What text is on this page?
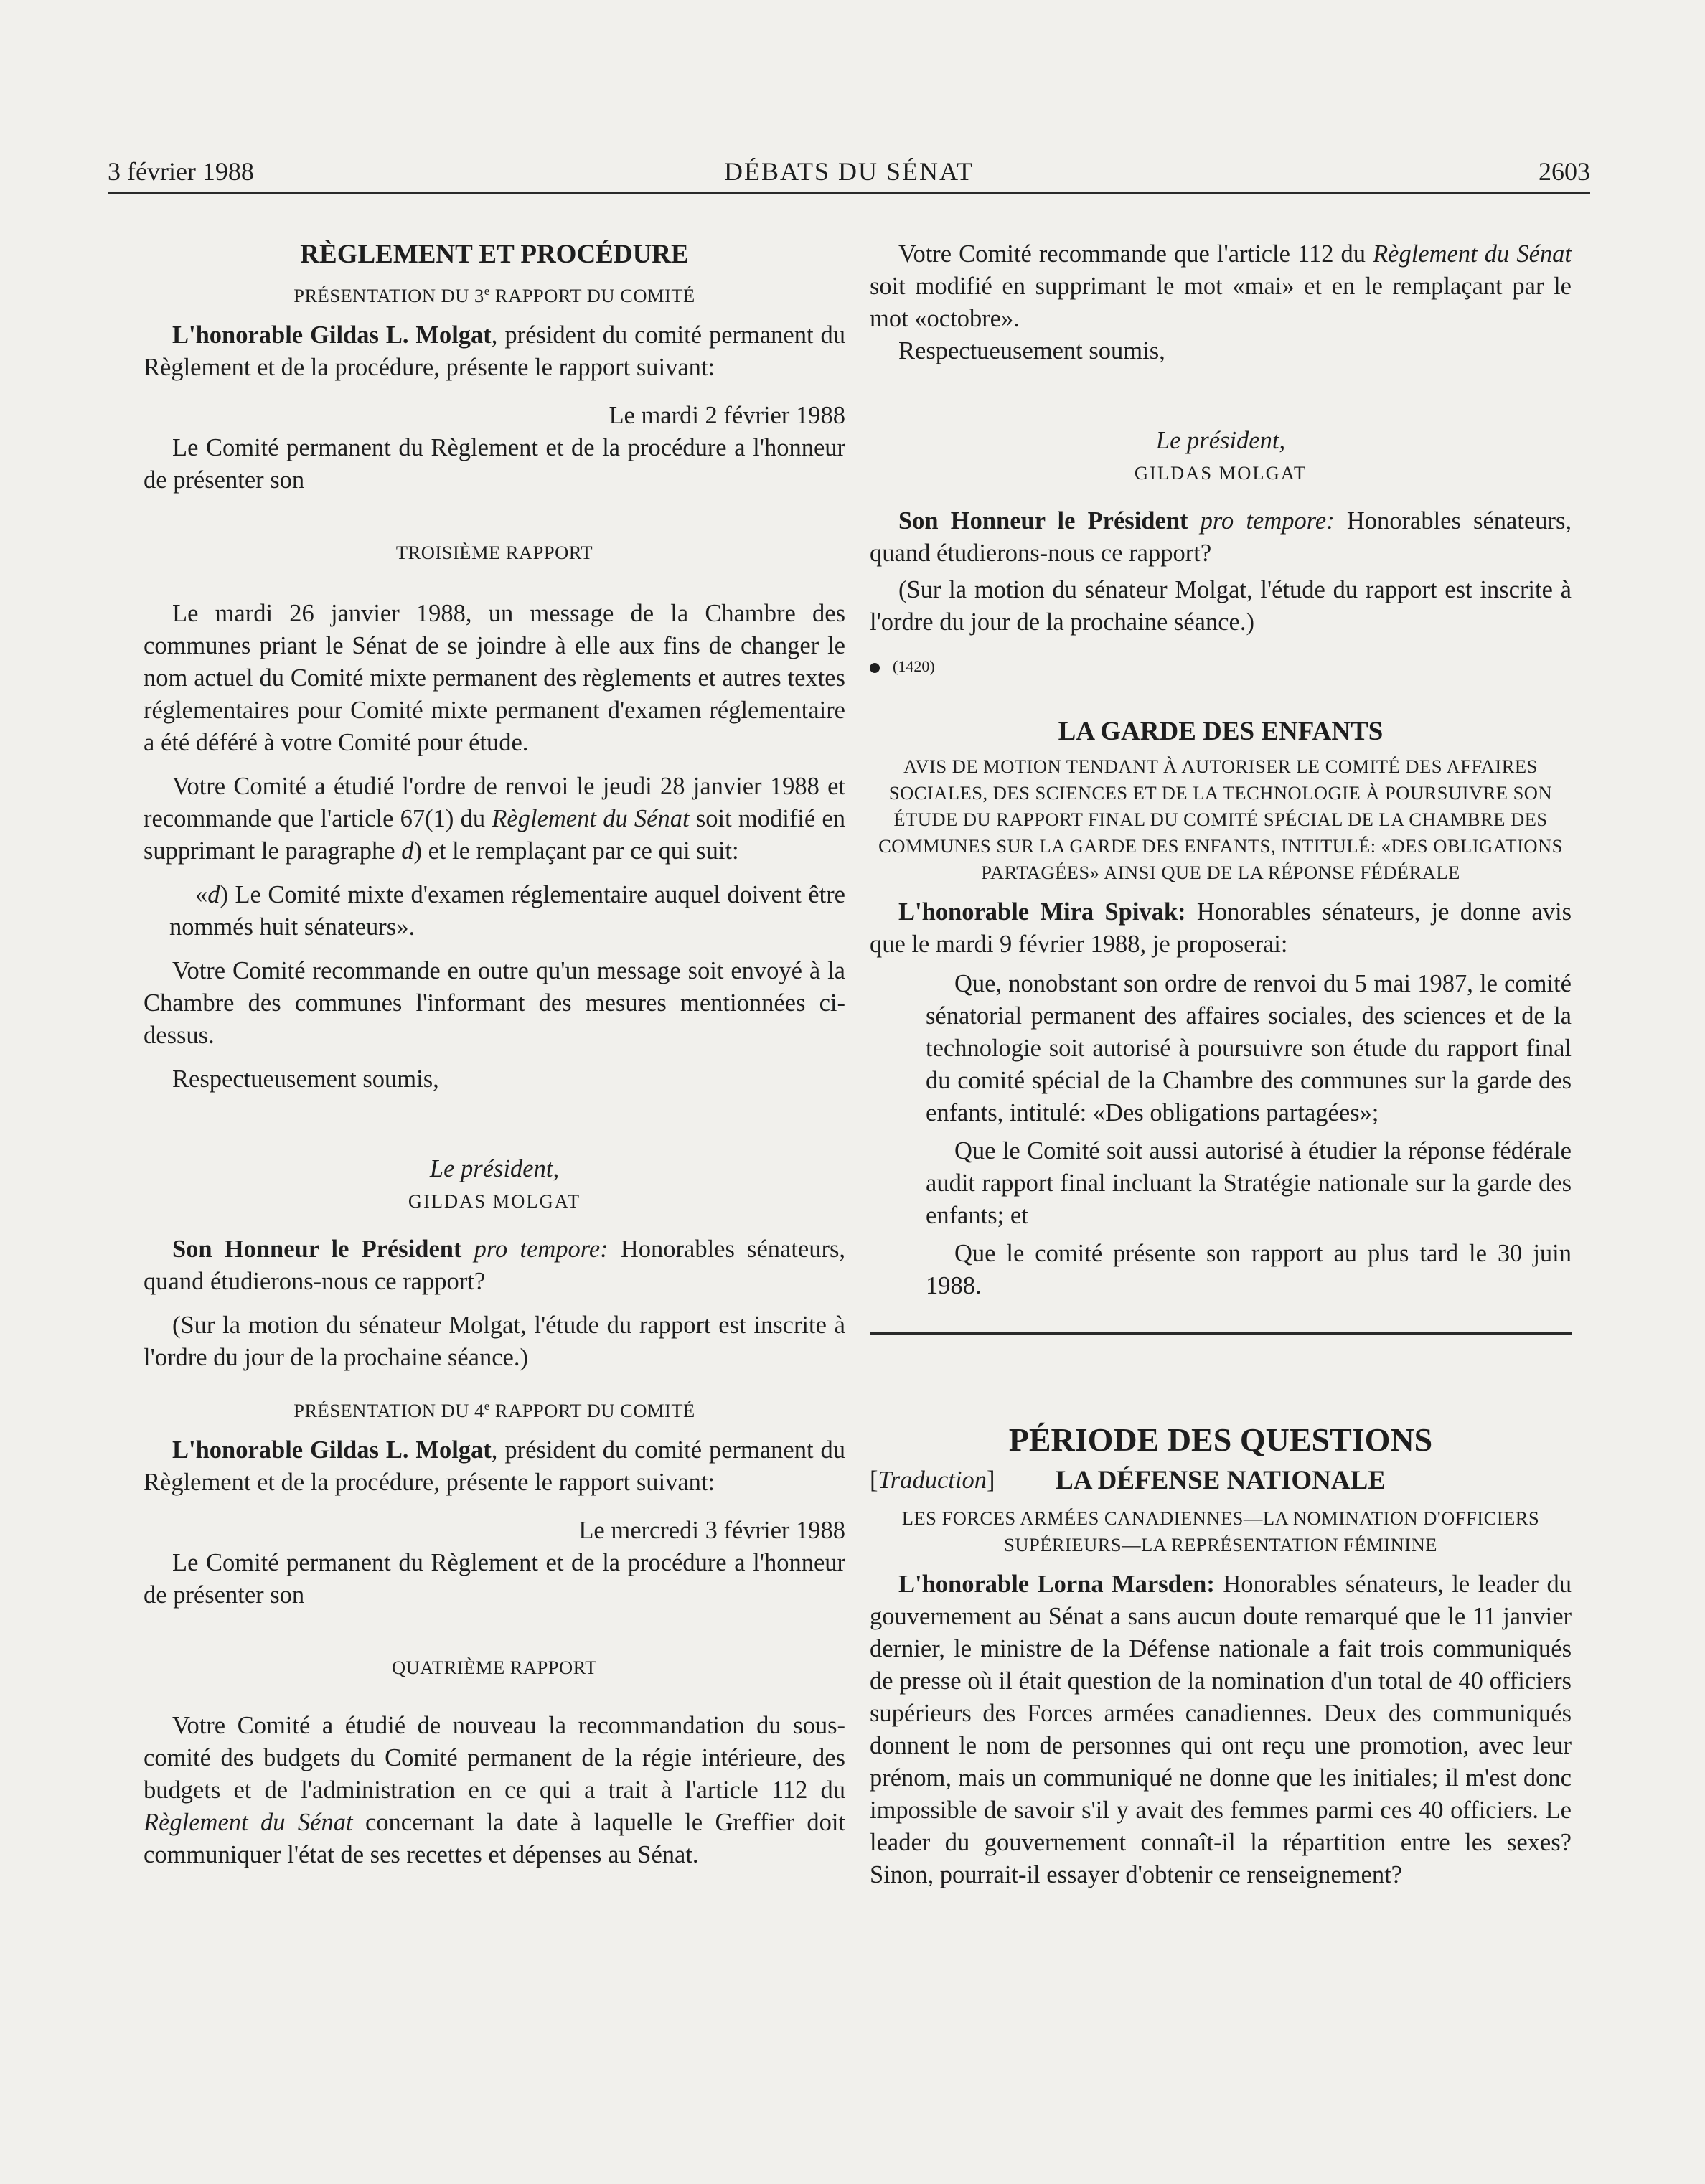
3 février 1988	DÉBATS DU SÉNAT	2603
RÈGLEMENT ET PROCÉDURE
PRÉSENTATION DU 3e RAPPORT DU COMITÉ

L'honorable Gildas L. Molgat, président du comité permanent du Règlement et de la procédure, présente le rapport suivant:

Le mardi 2 février 1988

Le Comité permanent du Règlement et de la procédure a l'honneur de présenter son

TROISIÈME RAPPORT

Le mardi 26 janvier 1988, un message de la Chambre des communes priant le Sénat de se joindre à elle aux fins de changer le nom actuel du Comité mixte permanent des règlements et autres textes réglementaires pour Comité mixte permanent d'examen réglementaire a été déféré à votre Comité pour étude.

Votre Comité a étudié l'ordre de renvoi le jeudi 28 janvier 1988 et recommande que l'article 67(1) du Règlement du Sénat soit modifié en supprimant le paragraphe d) et le remplaçant par ce qui suit:

«d) Le Comité mixte d'examen réglementaire auquel doivent être nommés huit sénateurs».

Votre Comité recommande en outre qu'un message soit envoyé à la Chambre des communes l'informant des mesures mentionnées ci-dessus.

Respectueusement soumis,

Le président,
GILDAS MOLGAT

Son Honneur le Président pro tempore: Honorables sénateurs, quand étudierons-nous ce rapport?

(Sur la motion du sénateur Molgat, l'étude du rapport est inscrite à l'ordre du jour de la prochaine séance.)

PRÉSENTATION DU 4e RAPPORT DU COMITÉ

L'honorable Gildas L. Molgat, président du comité permanent du Règlement et de la procédure, présente le rapport suivant:

Le mercredi 3 février 1988

Le Comité permanent du Règlement et de la procédure a l'honneur de présenter son

QUATRIÈME RAPPORT

Votre Comité a étudié de nouveau la recommandation du sous-comité des budgets du Comité permanent de la régie intérieure, des budgets et de l'administration en ce qui a trait à l'article 112 du Règlement du Sénat concernant la date à laquelle le Greffier doit communiquer l'état de ses recettes et dépenses au Sénat.

Votre Comité recommande que l'article 112 du Règlement du Sénat soit modifié en supprimant le mot «mai» et en le remplaçant par le mot «octobre».

Respectueusement soumis,

Le président,
GILDAS MOLGAT

Son Honneur le Président pro tempore: Honorables sénateurs, quand étudierons-nous ce rapport?

(Sur la motion du sénateur Molgat, l'étude du rapport est inscrite à l'ordre du jour de la prochaine séance.)

(1420)
LA GARDE DES ENFANTS
AVIS DE MOTION TENDANT À AUTORISER LE COMITÉ DES AFFAIRES SOCIALES, DES SCIENCES ET DE LA TECHNOLOGIE À POURSUIVRE SON ÉTUDE DU RAPPORT FINAL DU COMITÉ SPÉCIAL DE LA CHAMBRE DES COMMUNES SUR LA GARDE DES ENFANTS, INTITULÉ: «DES OBLIGATIONS PARTAGÉES» AINSI QUE DE LA RÉPONSE FÉDÉRALE

L'honorable Mira Spivak: Honorables sénateurs, je donne avis que le mardi 9 février 1988, je proposerai:

Que, nonobstant son ordre de renvoi du 5 mai 1987, le comité sénatorial permanent des affaires sociales, des sciences et de la technologie soit autorisé à poursuivre son étude du rapport final du comité spécial de la Chambre des communes sur la garde des enfants, intitulé: «Des obligations partagées»;

Que le Comité soit aussi autorisé à étudier la réponse fédérale audit rapport final incluant la Stratégie nationale sur la garde des enfants; et

Que le comité présente son rapport au plus tard le 30 juin 1988.

PÉRIODE DES QUESTIONS

[Traduction]	LA DÉFENSE NATIONALE
LES FORCES ARMÉES CANADIENNES—LA NOMINATION D'OFFICIERS SUPÉRIEURS—LA REPRÉSENTATION FÉMININE

L'honorable Lorna Marsden: Honorables sénateurs, le leader du gouvernement au Sénat a sans aucun doute remarqué que le 11 janvier dernier, le ministre de la Défense nationale a fait trois communiqués de presse où il était question de la nomination d'un total de 40 officiers supérieurs des Forces armées canadiennes. Deux des communiqués donnent le nom de personnes qui ont reçu une promotion, avec leur prénom, mais un communiqué ne donne que les initiales; il m'est donc impossible de savoir s'il y avait des femmes parmi ces 40 officiers. Le leader du gouvernement connaît-il la répartition entre les sexes? Sinon, pourrait-il essayer d'obtenir ce renseignement?
